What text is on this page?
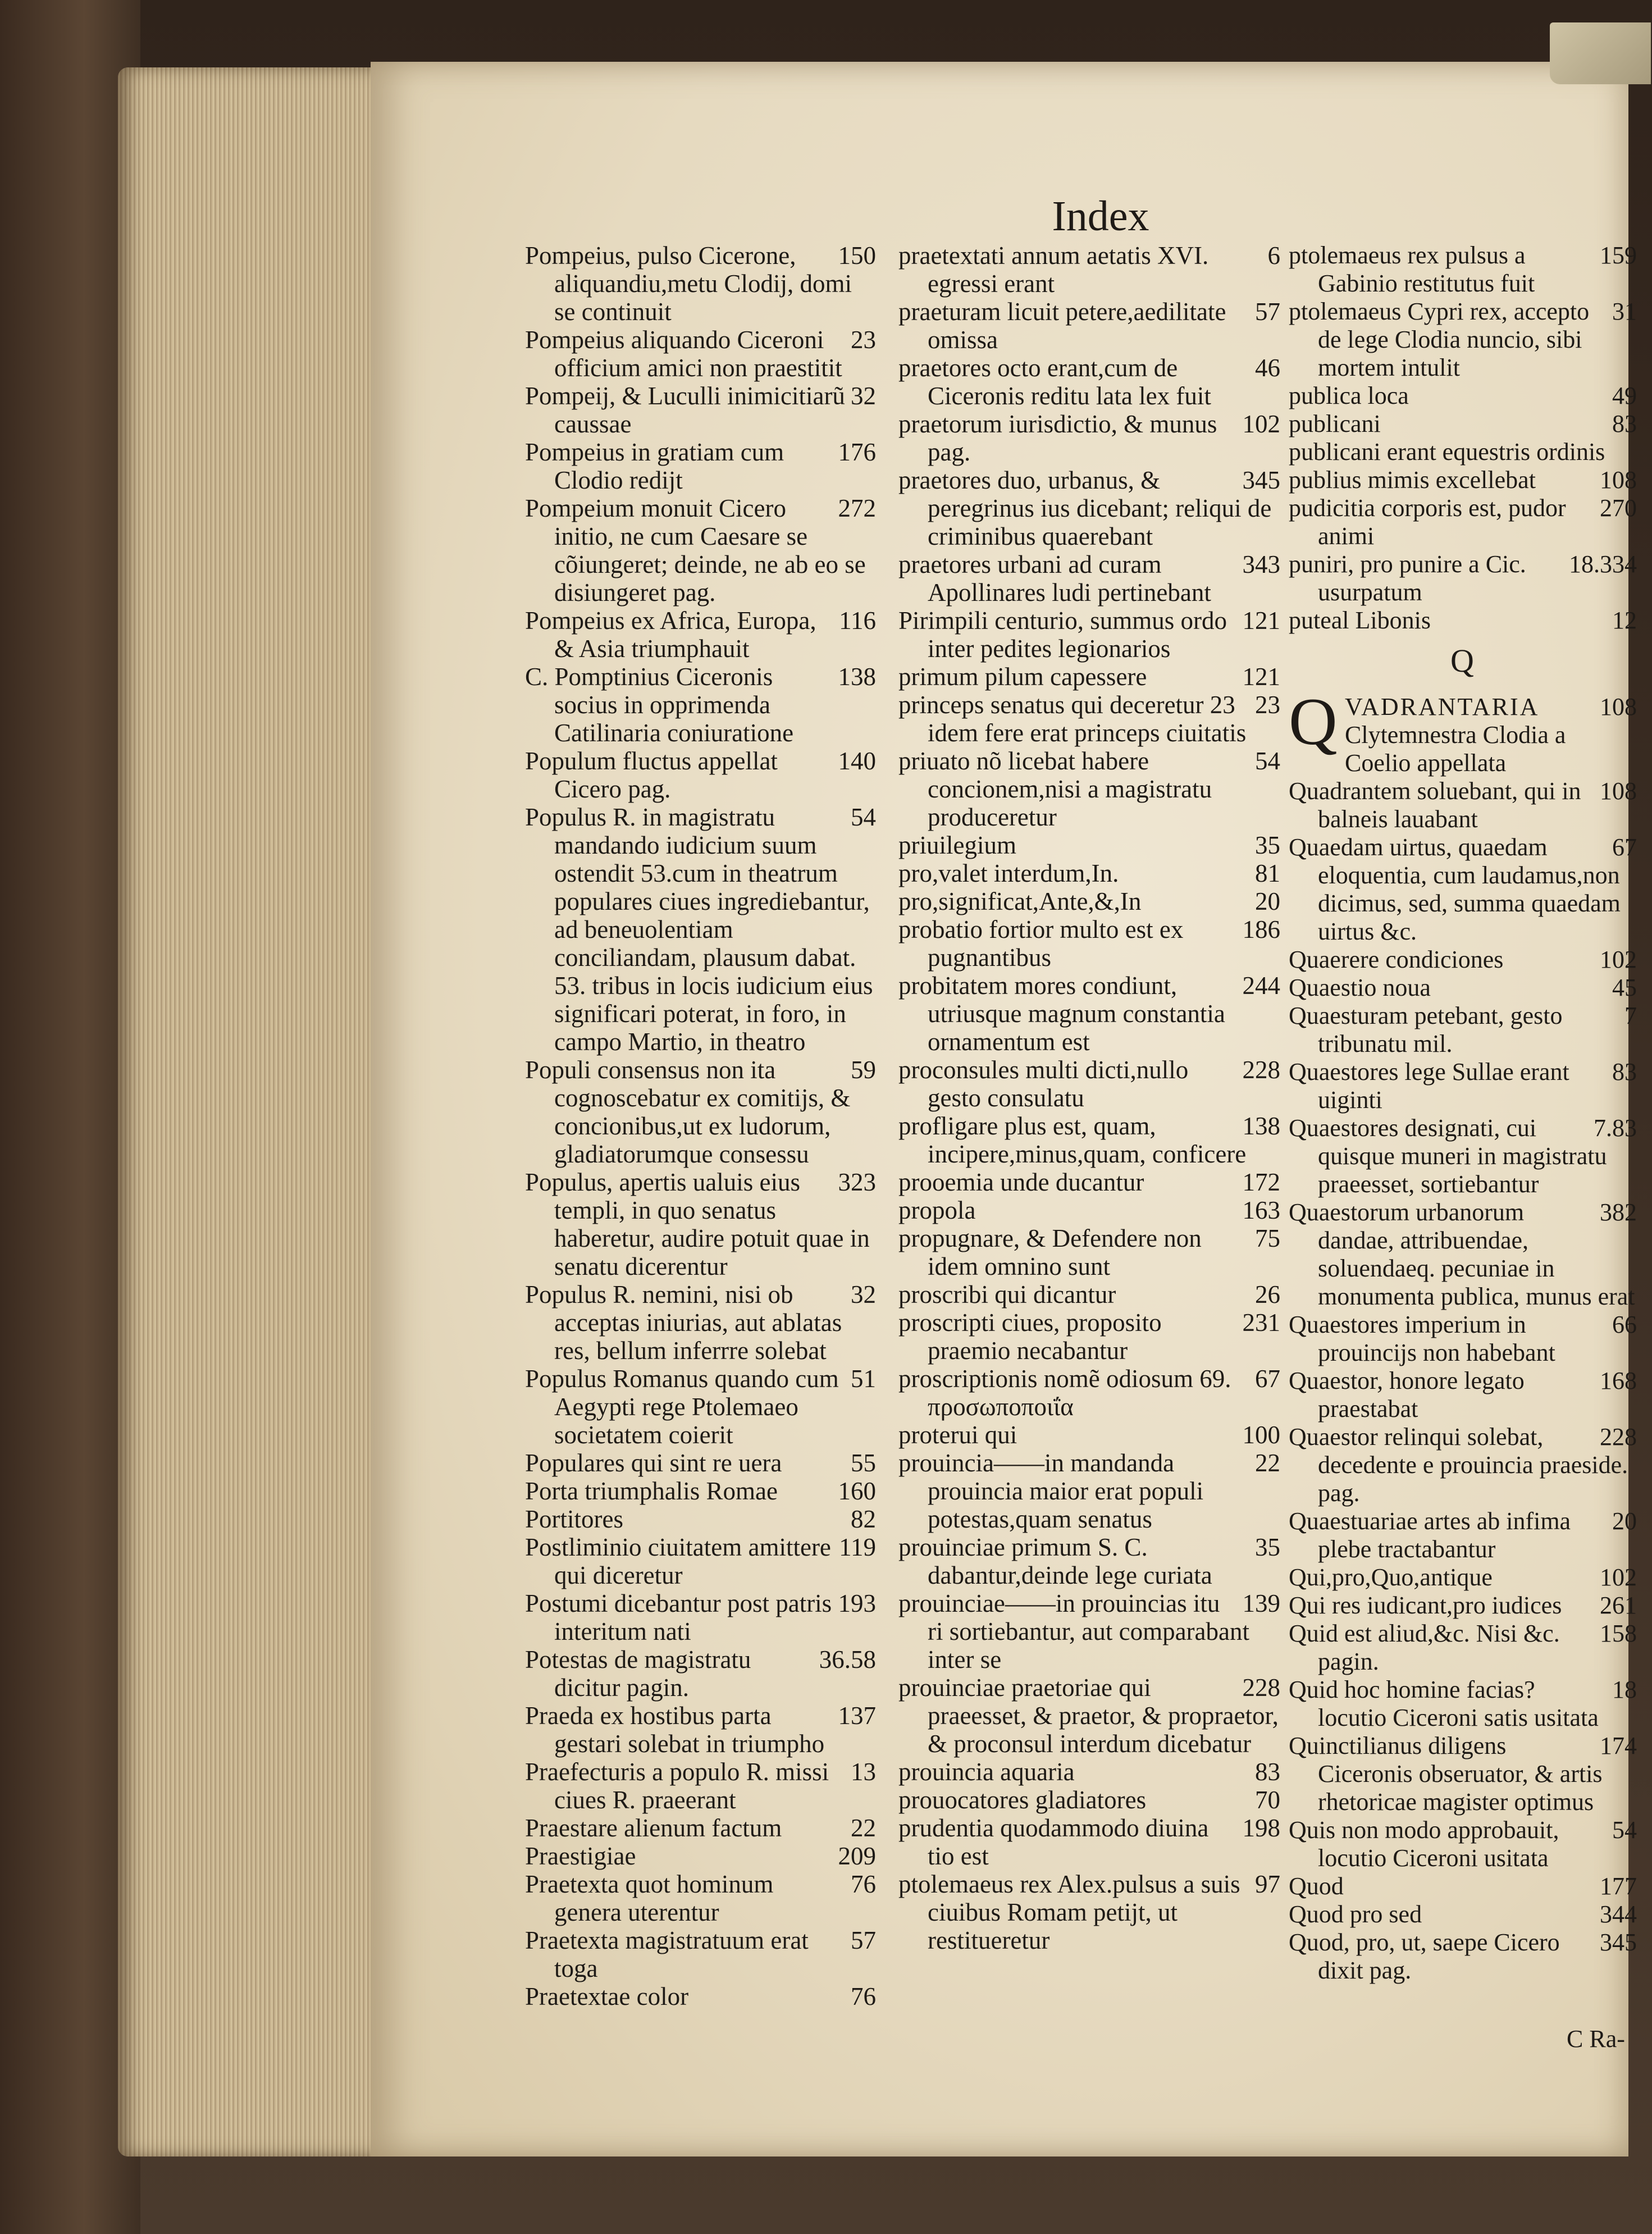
Index
150
Pompeius, pulso Cicerone, aliquandiu,metu Clodij, domi se continuit
23
Pompeius aliquando Ciceroni officium amici non praestitit
32
Pompeij, & Luculli inimicitiarũ caussae
176
Pompeius in gratiam cum Clodio redijt
272
Pompeium monuit Cicero initio, ne cum Caesare se cõiungeret; deinde, ne ab eo se disiungeret pag.
116
Pompeius ex Africa, Europa, & Asia triumphauit
138
C. Pomptinius Ciceronis socius in opprimenda Catilinaria coniuratione
140
Populum fluctus appellat Cicero pag.
54
Populus R. in magistratu mandando iudicium suum ostendit 53.cum in theatrum populares ciues ingrediebantur, ad beneuolentiam conciliandam, plausum dabat. 53. tribus in locis iudicium eius significari poterat, in foro, in campo Martio, in theatro
59
Populi consensus non ita cognoscebatur ex comitijs, & concionibus,ut ex ludorum, gladiatorumque consessu
323
Populus, apertis ualuis eius templi, in quo senatus haberetur, audire potuit quae in senatu dicerentur
32
Populus R. nemini, nisi ob acceptas iniurias, aut ablatas res, bellum inferrre solebat
51
Populus Romanus quando cum Aegypti rege Ptolemaeo societatem coierit
55
Populares qui sint re uera
160
Porta triumphalis Romae
82
Portitores
119
Postliminio ciuitatem amittere qui diceretur
193
Postumi dicebantur post patris interitum nati
36.58
Potestas de magistratu dicitur pagin.
137
Praeda ex hostibus parta gestari solebat in triumpho
13
Praefecturis a populo R. missi ciues R. praeerant
22
Praestare alienum factum
209
Praestigiae
76
Praetexta quot hominum genera uterentur
57
Praetexta magistratuum erat toga
76
Praetextae color
6
praetextati annum aetatis XVI. egressi erant
57
praeturam licuit petere,aedilitate omissa
46
praetores octo erant,cum de Ciceronis reditu lata lex fuit
102
praetorum iurisdictio, & munus pag.
345
praetores duo, urbanus, & peregrinus ius dicebant; reliqui de criminibus quaerebant
343
praetores urbani ad curam Apollinares ludi pertinebant
121
Pirimpili centurio, summus ordo inter pedites legionarios
121
primum pilum capessere
23
princeps senatus qui deceretur 23 idem fere erat princeps ciuitatis
54
priuato nõ licebat habere concionem,nisi a magistratu produceretur
35
priuilegium
81
pro,valet interdum,In.
20
pro,significat,Ante,&,In
186
probatio fortior multo est ex pugnantibus
244
probitatem mores condiunt, utriusque magnum constantia ornamentum est
228
proconsules multi dicti,nullo gesto consulatu
138
profligare plus est, quam, incipere,minus,quam, conficere
172
prooemia unde ducantur
163
propola
75
propugnare, & Defendere non idem omnino sunt
26
proscribi qui dicantur
231
proscripti ciues, proposito praemio necabantur
67
proscriptionis nomẽ odiosum 69. προσωποποιΐα
100
proterui qui
22
prouincia——in mandanda prouincia maior erat populi potestas,quam senatus
35
prouinciae primum S. C. dabantur,deinde lege curiata
139
prouinciae——in prouincias itu ri sortiebantur, aut comparabant inter se
228
prouinciae praetoriae qui praeesset, & praetor, & propraetor, & proconsul interdum dicebatur
83
prouincia aquaria
70
prouocatores gladiatores
198
prudentia quodammodo diuina tio est
97
ptolemaeus rex Alex.pulsus a suis ciuibus Romam petijt, ut restitueretur
159
ptolemaeus rex pulsus a Gabinio restitutus fuit
31
ptolemaeus Cypri rex, accepto de lege Clodia nuncio, sibi mortem intulit
49
publica loca
83
publicani
publicani erant equestris ordinis
108
publius mimis excellebat
270
pudicitia corporis est, pudor animi
18.334
puniri, pro punire a Cic. usurpatum
12
puteal Libonis
Q
Q	108
VADRANTARIA Clytemnestra Clodia a Coelio appellata
108
Quadrantem soluebant, qui in balneis lauabant
67
Quaedam uirtus, quaedam eloquentia, cum laudamus,non dicimus, sed, summa quaedam uirtus &c.
102
Quaerere condiciones
45
Quaestio noua
7
Quaesturam petebant, gesto tribunatu mil.
83
Quaestores lege Sullae erant uiginti
7.83
Quaestores designati, cui quisque muneri in magistratu praeesset, sortiebantur
382
Quaestorum urbanorum dandae, attribuendae, soluendaeq. pecuniae in monumenta publica, munus erat
66
Quaestores imperium in prouincijs non habebant
168
Quaestor, honore legato praestabat
228
Quaestor relinqui solebat, decedente e prouincia praeside. pag.
20
Quaestuariae artes ab infima plebe tractabantur
102
Qui,pro,Quo,antique
261
Qui res iudicant,pro iudices
158
Quid est aliud,&c. Nisi &c. pagin.
18
Quid hoc homine facias? locutio Ciceroni satis usitata
174
Quinctilianus diligens Ciceronis obseruator, & artis rhetoricae magister optimus
54
Quis non modo approbauit, locutio Ciceroni usitata
177
Quod
344
Quod pro sed
345
Quod, pro, ut, saepe Cicero dixit pag.
C Ra-
